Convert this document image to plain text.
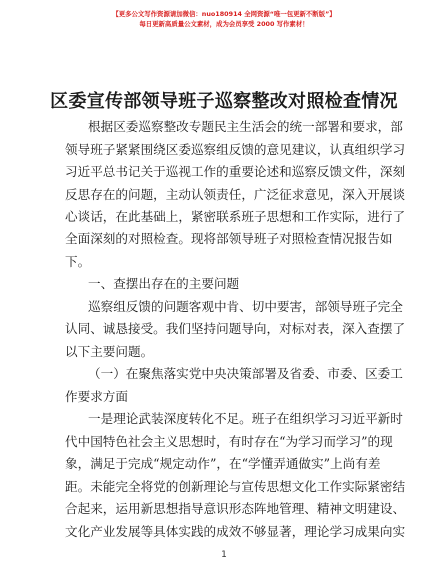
【更多公文写作资源请加微信：nuo180914 全网资源“唯一包更新不断版”】
每日更新高质量公文素材，成为会员享受 2000 写作素材！
区委宣传部领导班子巡察整改对照检查情况
根据区委巡察整改专题民主生活会的统一部署和要求，部
领导班子紧紧围绕区委巡察组反馈的意见建议，认真组织学习
习近平总书记关于巡视工作的重要论述和巡察反馈文件，深刻
反思存在的问题，主动认领责任，广泛征求意见，深入开展谈
心谈话，在此基础上，紧密联系班子思想和工作实际，进行了
全面深刻的对照检查。现将部领导班子对照检查情况报告如
下。
一、查摆出存在的主要问题
巡察组反馈的问题客观中肯、切中要害，部领导班子完全
认同、诚恳接受。我们坚持问题导向，对标对表，深入查摆了
以下主要问题。
（一）在聚焦落实党中央决策部署及省委、市委、区委工
作要求方面
一是理论武装深度转化不足。班子在组织学习习近平新时
代中国特色社会主义思想时，有时存在“为学习而学习”的现
象，满足于完成“规定动作”，在“学懂弄通做实”上尚有差
距。未能完全将党的创新理论与宣传思想文化工作实际紧密结
合起来，运用新思想指导意识形态阵地管理、精神文明建设、
文化产业发展等具体实践的成效不够显著，理论学习成果向实
1
